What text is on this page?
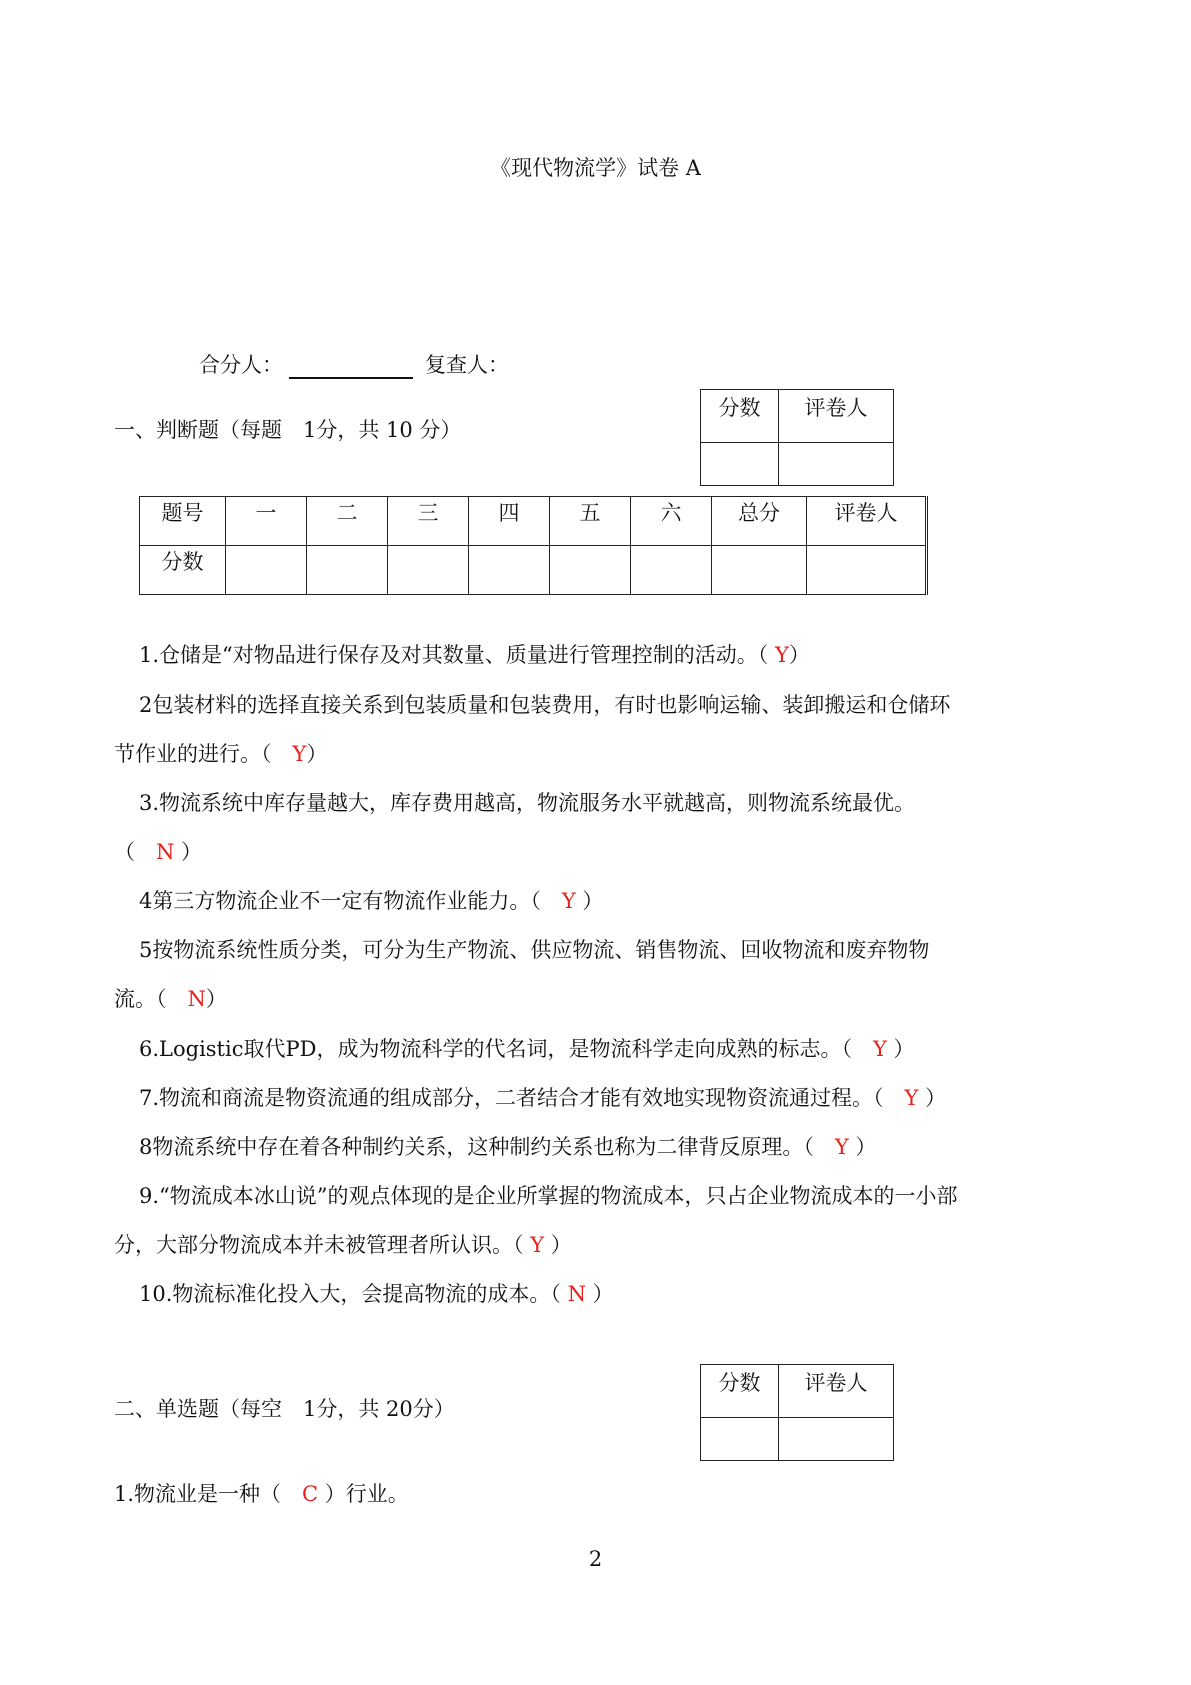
《现代物流学》试卷 A
合分人：	复查人：
分数	评卷人

一、判断题（每题　1分，共 10 分）
题号	一	二	三	四	五	六	总分	评卷人
分数								
1.仓储是“对物品进行保存及对其数量、质量进行管理控制的活动。（ Y）
2包装材料的选择直接关系到包装质量和包装费用，有时也影响运输、装卸搬运和仓储环
节作业的进行。（　Y）
3.物流系统中库存量越大，库存费用越高，物流服务水平就越高，则物流系统最优。
（　N ）
4第三方物流企业不一定有物流作业能力。（　Y ）
5按物流系统性质分类，可分为生产物流、供应物流、销售物流、回收物流和废弃物物
流。（　N）
6.Logistic取代PD，成为物流科学的代名词，是物流科学走向成熟的标志。（　Y ）
7.物流和商流是物资流通的组成部分，二者结合才能有效地实现物资流通过程。（　Y ）
8物流系统中存在着各种制约关系，这种制约关系也称为二律背反原理。（　Y ）
9.“物流成本冰山说”的观点体现的是企业所掌握的物流成本，只占企业物流成本的一小部
分，大部分物流成本并未被管理者所认识。（ Y ）
10.物流标准化投入大，会提高物流的成本。（ N ）
分数	评卷人

二、单选题（每空　1分，共 20分）
1.物流业是一种（　C ）行业。
2
